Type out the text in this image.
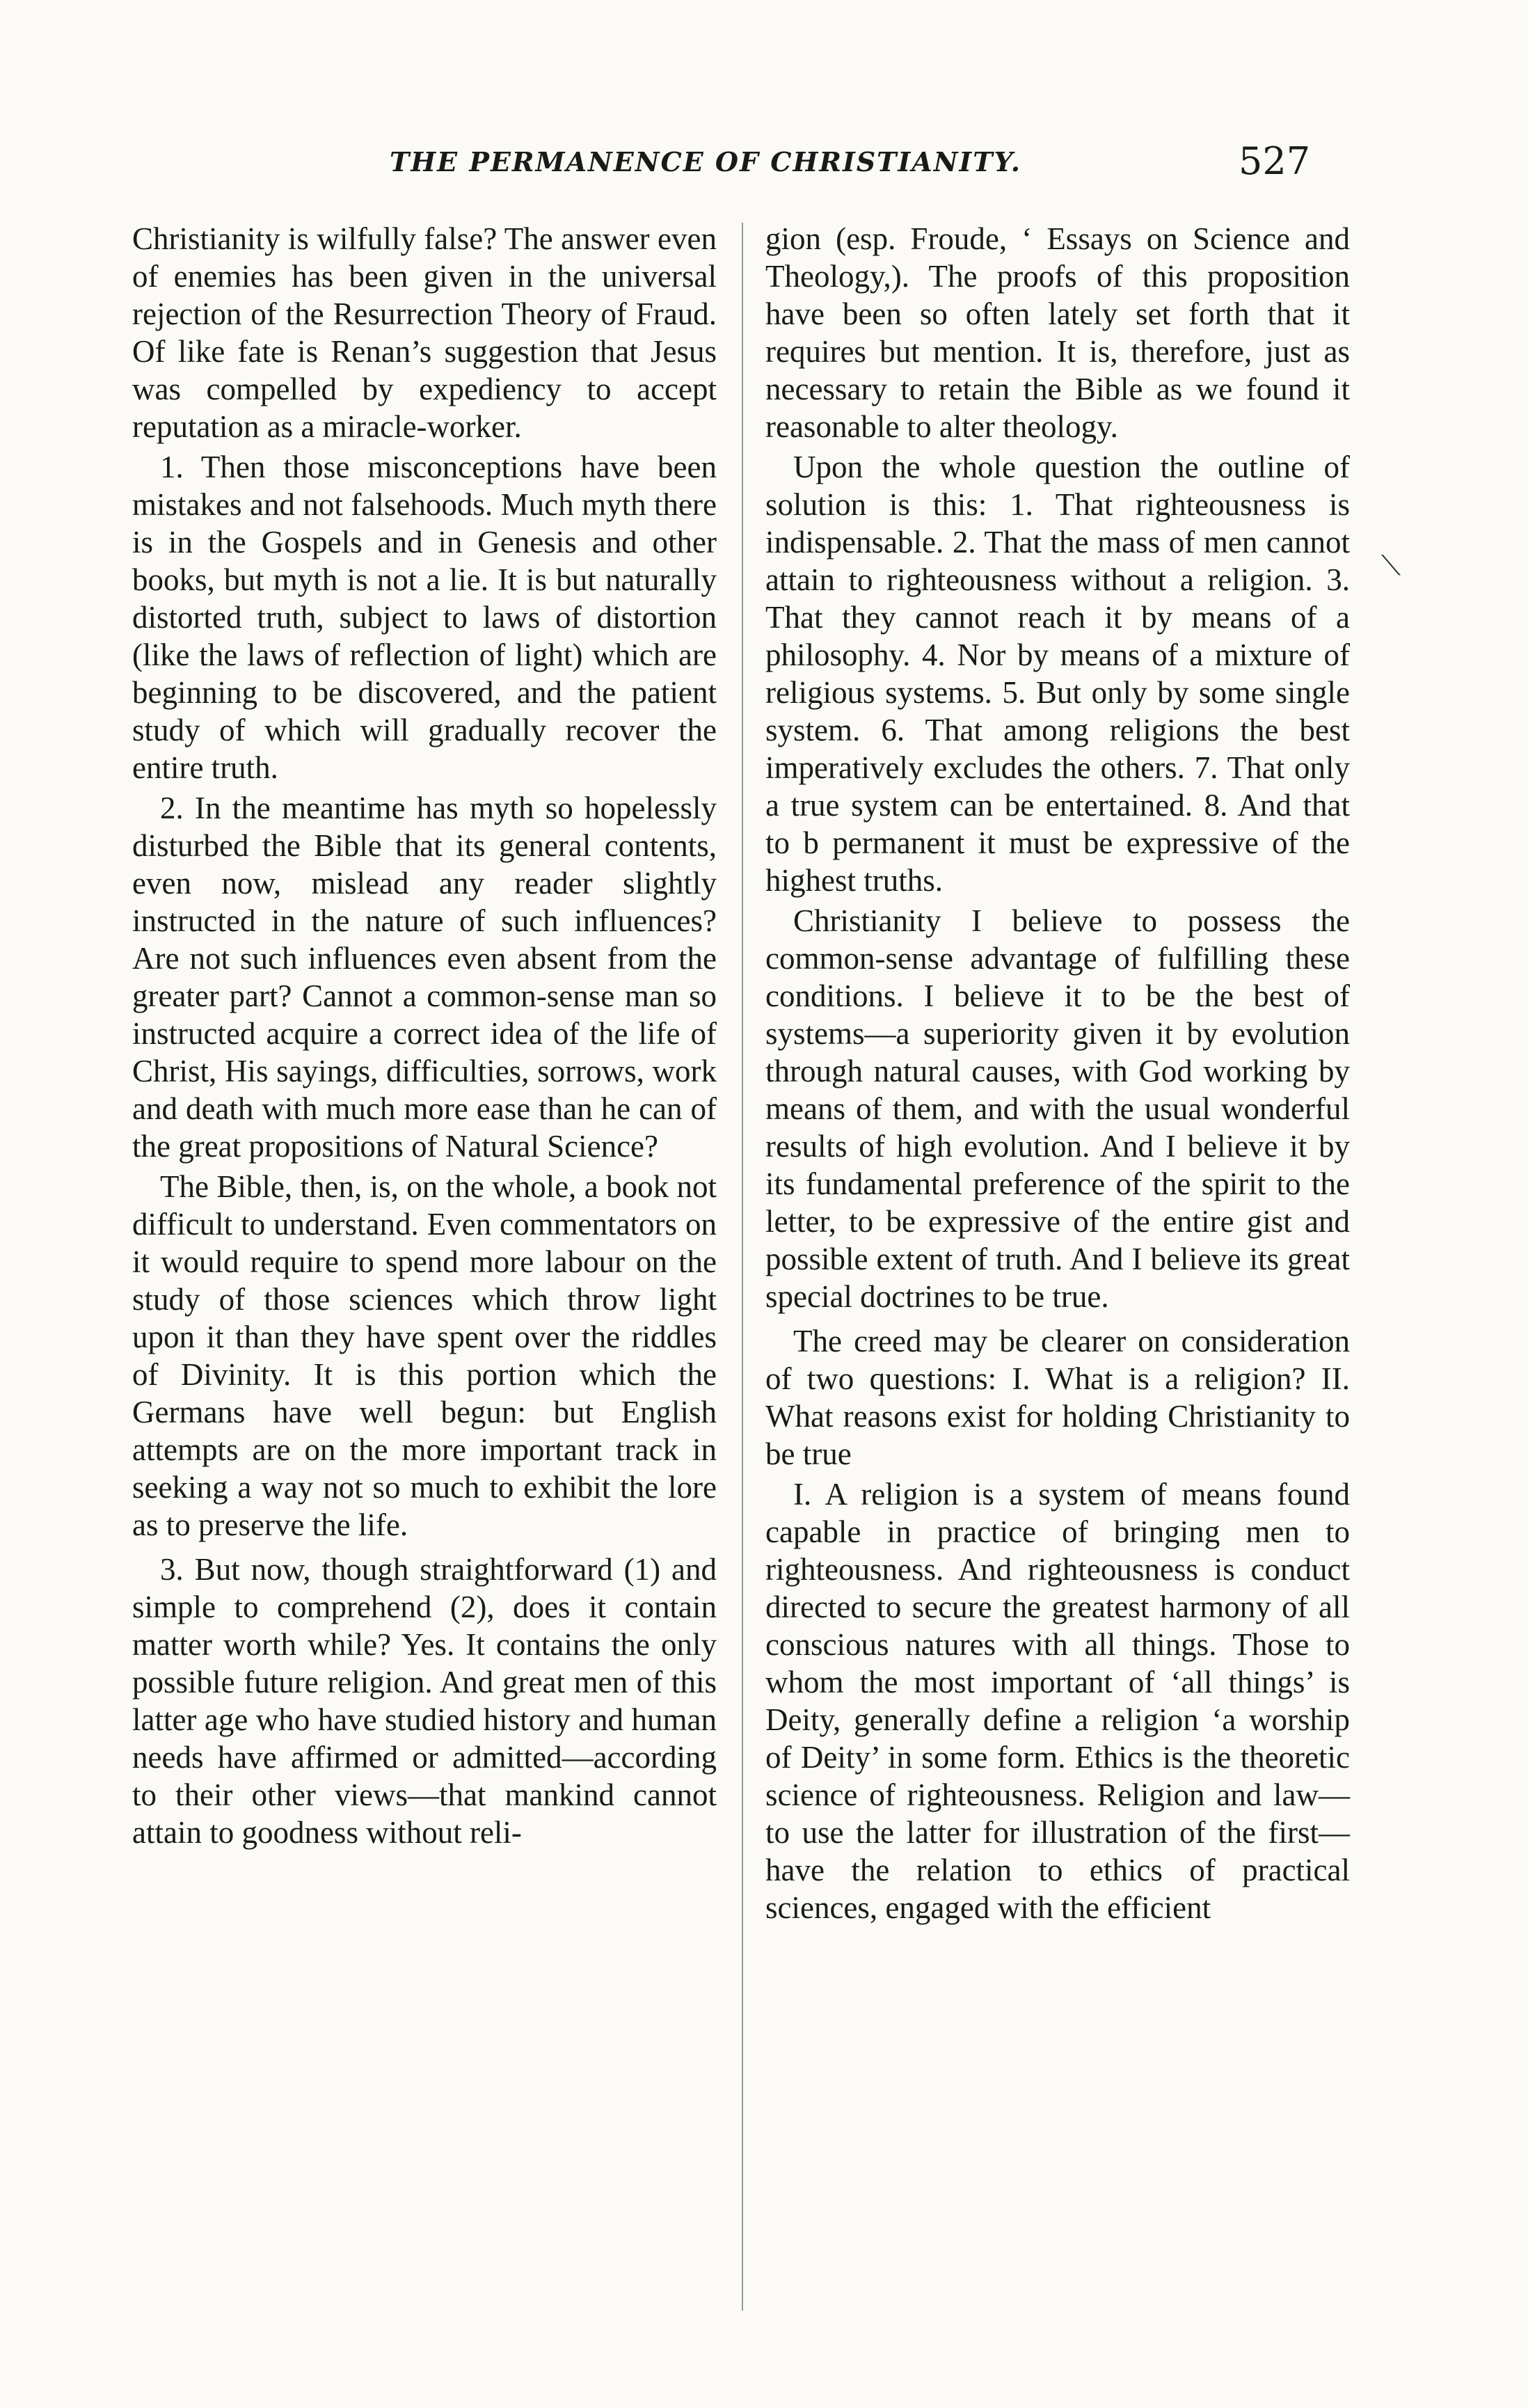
THE PERMANENCE OF CHRISTIANITY.	527

Christianity is wilfully false? The answer even of enemies has been given in the universal rejection of the Resurrection Theory of Fraud. Of like fate is Renan’s suggestion that Jesus was compelled by expediency to accept reputation as a miracle-worker.

1. Then those misconceptions have been mistakes and not falsehoods. Much myth there is in the Gospels and in Genesis and other books, but myth is not a lie. It is but naturally distorted truth, subject to laws of distortion (like the laws of reflection of light) which are beginning to be discovered, and the patient study of which will gradually recover the entire truth.

2. In the meantime has myth so hopelessly disturbed the Bible that its general contents, even now, mislead any reader slightly instructed in the nature of such influences? Are not such influences even absent from the greater part? Cannot a common-sense man so instructed acquire a correct idea of the life of Christ, His sayings, difficulties, sorrows, work and death with much more ease than he can of the great propositions of Natural Science?

The Bible, then, is, on the whole, a book not difficult to understand. Even commentators on it would require to spend more labour on the study of those sciences which throw light upon it than they have spent over the riddles of Divinity. It is this portion which the Germans have well begun: but English attempts are on the more important track in seeking a way not so much to exhibit the lore as to preserve the life.

3. But now, though straightforward (1) and simple to comprehend (2), does it contain matter worth while? Yes. It contains the only possible future religion. And great men of this latter age who have studied history and human needs have affirmed or admitted—according to their other views—that mankind cannot attain to goodness without reli-

gion (esp. Froude, ‘ Essays on Science and Theology,). The proofs of this proposition have been so often lately set forth that it requires but mention. It is, therefore, just as necessary to retain the Bible as we found it reasonable to alter theology.

Upon the whole question the outline of solution is this: 1. That righteousness is indispensable. 2. That the mass of men cannot attain to righteousness without a religion. 3. That they cannot reach it by means of a philosophy. 4. Nor by means of a mixture of religious systems. 5. But only by some single system. 6. That among religions the best imperatively excludes the others. 7. That only a true system can be entertained. 8. And that to b permanent it must be expressive of the highest truths.

Christianity I believe to possess the common-sense advantage of fulfilling these conditions. I believe it to be the best of systems—a superiority given it by evolution through natural causes, with God working by means of them, and with the usual wonderful results of high evolution. And I believe it by its fundamental preference of the spirit to the letter, to be expressive of the entire gist and possible extent of truth. And I believe its great special doctrines to be true.

The creed may be clearer on consideration of two questions: I. What is a religion? II. What reasons exist for holding Christianity to be true

I. A religion is a system of means found capable in practice of bringing men to righteousness. And righteousness is conduct directed to secure the greatest harmony of all conscious natures with all things. Those to whom the most important of ‘all things’ is Deity, generally define a religion ‘a worship of Deity’ in some form. Ethics is the theoretic science of righteousness. Religion and law—to use the latter for illustration of the first—have the relation to ethics of practical sciences, engaged with the efficient

⟍
